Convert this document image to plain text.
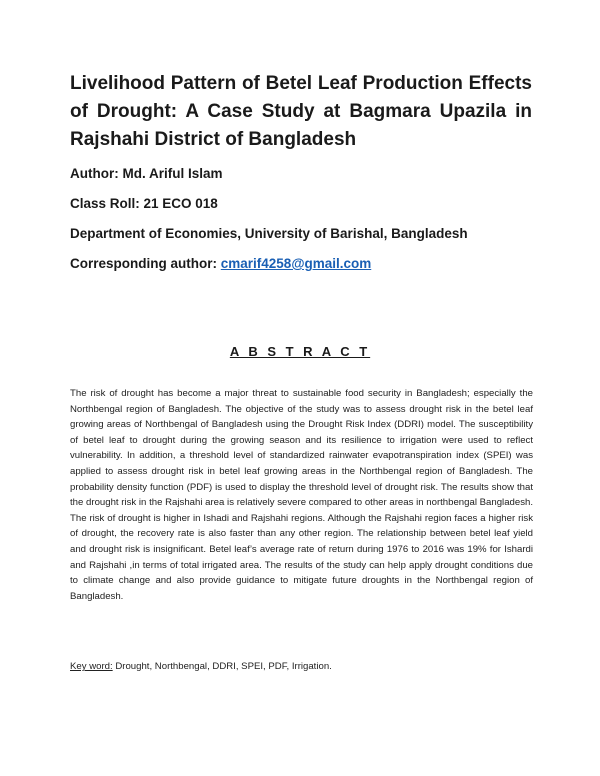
Livelihood Pattern of Betel Leaf Production Effects of Drought: A Case Study at Bagmara Upazila in Rajshahi District of Bangladesh
Author: Md. Ariful Islam
Class Roll: 21 ECO 018
Department of Economies, University of Barishal, Bangladesh
Corresponding author: cmarif4258@gmail.com
A B S T R A C T
The risk of drought has become a major threat to sustainable food security in Bangladesh; especially the Northbengal region of Bangladesh. The objective of the study was to assess drought risk in the betel leaf growing areas of Northbengal of Bangladesh using the Drought Risk Index (DDRI) model. The susceptibility of betel leaf to drought during the growing season and its resilience to irrigation were used to reflect vulnerability. In addition, a threshold level of standardized rainwater evapotranspiration index (SPEI) was applied to assess drought risk in betel leaf growing areas in the Northbengal region of Bangladesh. The probability density function (PDF) is used to display the threshold level of drought risk. The results show that the drought risk in the Rajshahi area is relatively severe compared to other areas in northbengal Bangladesh. The risk of drought is higher in Ishadi and Rajshahi regions. Although the Rajshahi region faces a higher risk of drought, the recovery rate is also faster than any other region. The relationship between betel leaf yield and drought risk is insignificant. Betel leaf’s average rate of return during 1976 to 2016 was 19% for Ishardi and Rajshahi ,in terms of total irrigated area. The results of the study can help apply drought conditions due to climate change and also provide guidance to mitigate future droughts in the Northbengal region of Bangladesh.
Key word: Drought, Northbengal, DDRI, SPEI, PDF, Irrigation.
